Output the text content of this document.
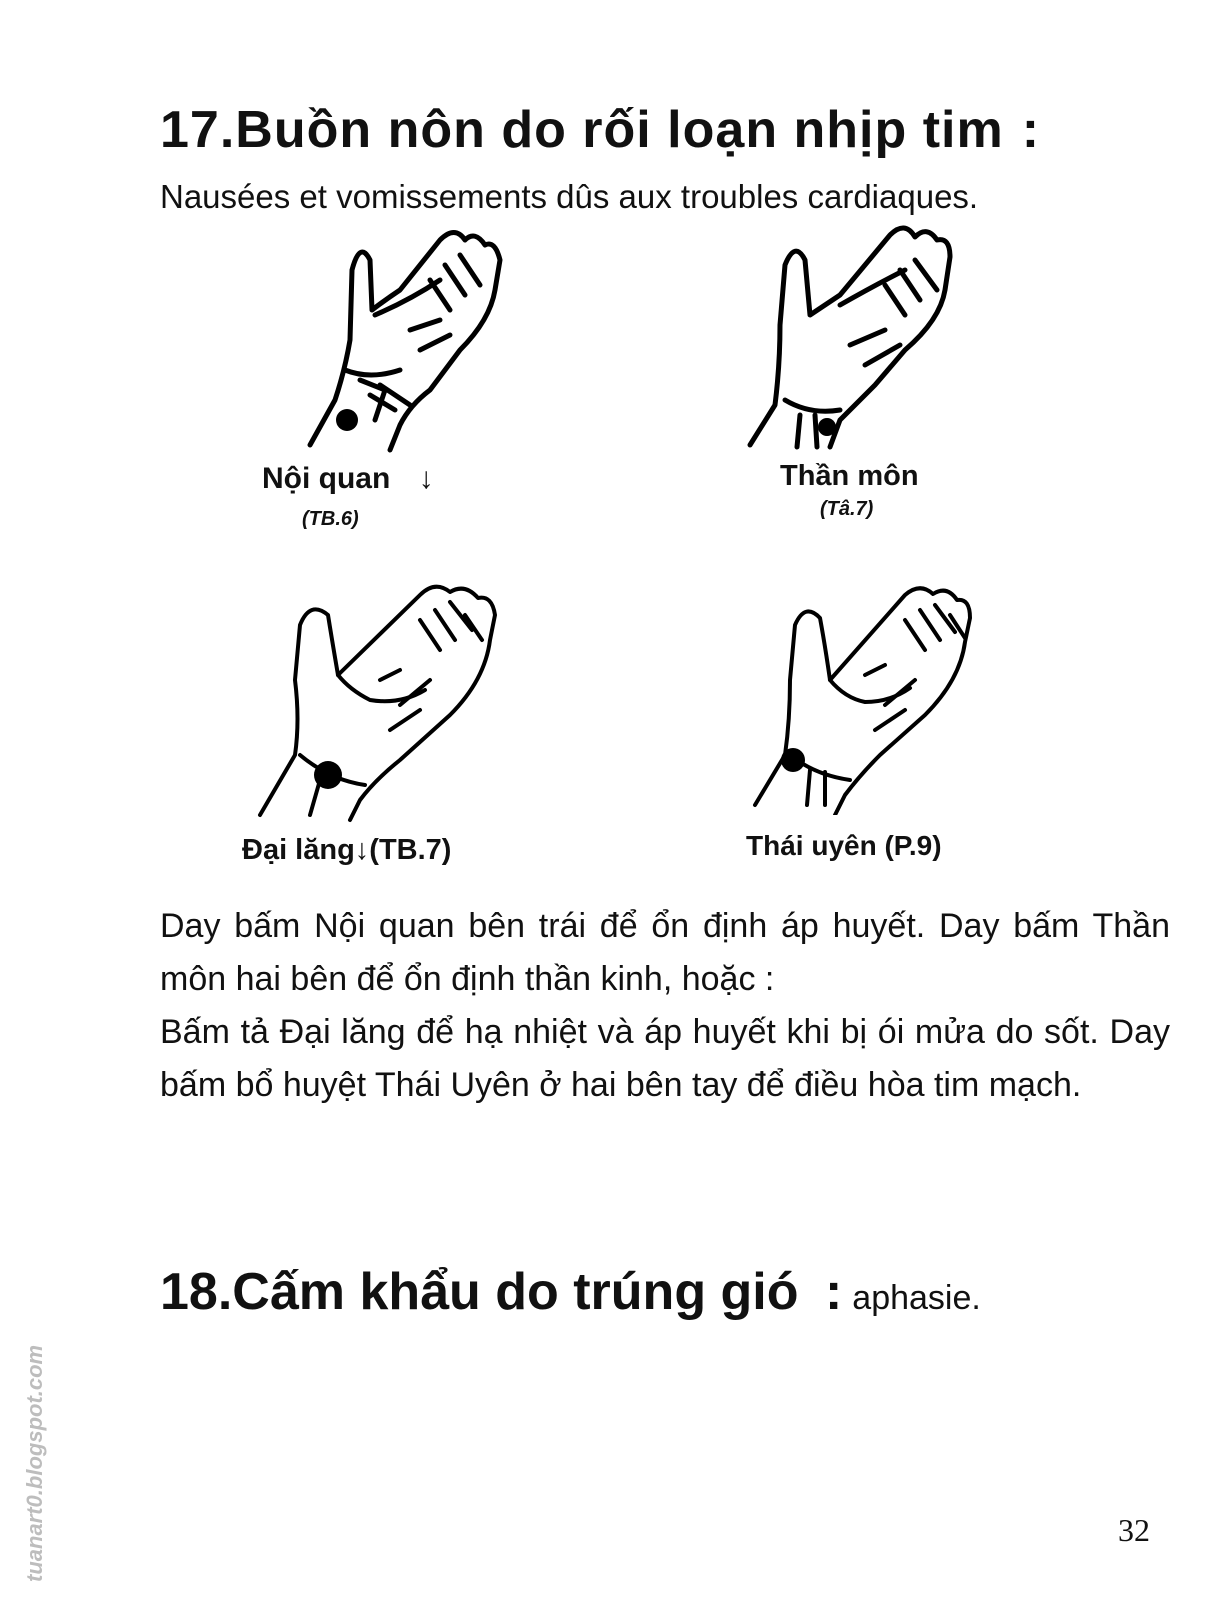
17.Buồn nôn do rối loạn nhịp tim :
Nausées et vomissements dûs aux troubles cardiaques.
Nội quan ↓
(TB.6)
Thần môn
(Tâ.7)
Đại lăng↓(TB.7)	Thái uyên (P.9)

Day bấm Nội quan bên trái để ổn định áp huyết. Day bấm Thần môn hai bên để ổn định thần kinh, hoặc :

Bấm tả Đại lăng để hạ nhiệt và áp huyết khi bị ói mửa do sốt. Day bấm bổ huyệt Thái Uyên ở hai bên tay để điều hòa tim mạch.

18.Cấm khẩu do trúng gió : aphasie.
tuanart0.blogspot.com	32
